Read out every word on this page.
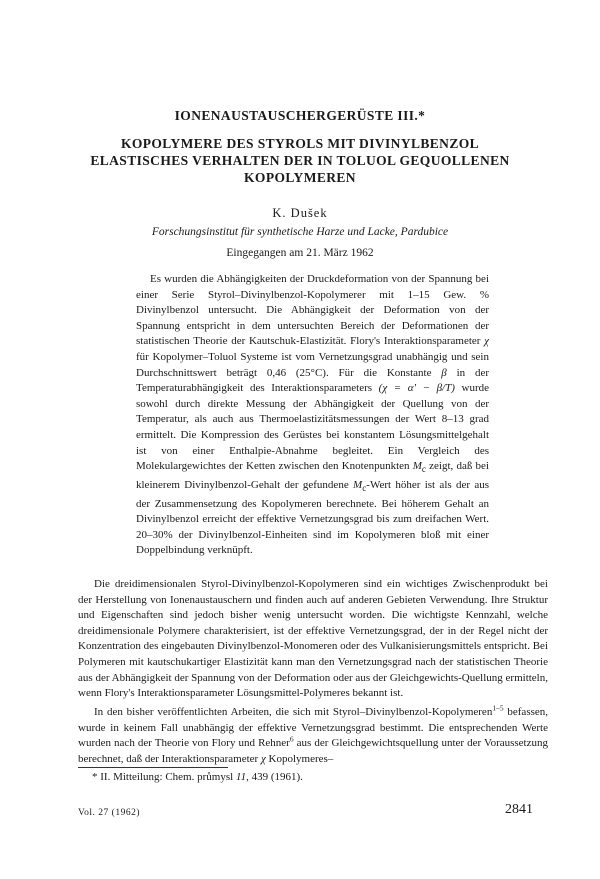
IONENAUSTAUSCHERGERÜSTE III.*
KOPOLYMERE DES STYROLS MIT DIVINYLBENZOL
ELASTISCHES VERHALTEN DER IN TOLUOL GEQUOLLENEN
KOPOLYMEREN
K. Dušek
Forschungsinstitut für synthetische Harze und Lacke, Pardubice
Eingegangen am 21. März 1962

Es wurden die Abhängigkeiten der Druckdeformation von der Spannung bei einer Serie Styrol–Divinylbenzol-Kopolymerer mit 1–15 Gew. % Divinylbenzol untersucht. Die Abhängigkeit der Deformation von der Spannung entspricht in dem untersuchten Bereich der Deformationen der statistischen Theorie der Kautschuk-Elastizität. Flory's Interaktionsparameter χ für Kopolymer–Toluol Systeme ist vom Vernetzungsgrad unabhängig und sein Durchschnittswert beträgt 0,46 (25°C). Für die Konstante β in der Temperaturabhängigkeit des Interaktionsparameters (χ = α' − β/T) wurde sowohl durch direkte Messung der Abhängigkeit der Quellung von der Temperatur, als auch aus Thermoelastizitätsmessungen der Wert 8–13 grad ermittelt. Die Kompression des Gerüstes bei konstantem Lösungsmittelgehalt ist von einer Enthalpie-Abnahme begleitet. Ein Vergleich des Molekulargewichtes der Ketten zwischen den Knotenpunkten $M_c$ zeigt, daß bei kleinerem Divinylbenzol-Gehalt der gefundene $M_c$-Wert höher ist als der aus der Zusammensetzung des Kopolymeren berechnete. Bei höherem Gehalt an Divinylbenzol erreicht der effektive Vernetzungsgrad bis zum dreifachen Wert. 20–30% der Divinylbenzol-Einheiten sind im Kopolymeren bloß mit einer Doppelbindung verknüpft.

Die dreidimensionalen Styrol-Divinylbenzol-Kopolymeren sind ein wichtiges Zwischenprodukt bei der Herstellung von Ionenaustauschern und finden auch auf anderen Gebieten Verwendung. Ihre Struktur und Eigenschaften sind jedoch bisher wenig untersucht worden. Die wichtigste Kennzahl, welche dreidimensionale Polymere charakterisiert, ist der effektive Vernetzungsgrad, der in der Regel nicht der Konzentration des eingebauten Divinylbenzol-Monomeren oder des Vulkanisierungsmittels entspricht. Bei Polymeren mit kautschukartiger Elastizität kann man den Vernetzungsgrad nach der statistischen Theorie aus der Abhängigkeit der Spannung von der Deformation oder aus der Gleichgewichts-Quellung ermitteln, wenn Flory's Interaktionsparameter Lösungsmittel-Polymeres bekannt ist.

In den bisher veröffentlichten Arbeiten, die sich mit Styrol–Divinylbenzol-Kopolymeren$^{1-5}$ befassen, wurde in keinem Fall unabhängig der effektive Vernetzungsgrad bestimmt. Die entsprechenden Werte wurden nach der Theorie von Flory und Rehner$^6$ aus der Gleichgewichtsquellung unter der Voraussetzung berechnet, daß der Interaktionsparameter χ Kopolymeres–

* II. Mitteilung: Chem. průmysl 11, 439 (1961).
Vol. 27 (1962)	2841
